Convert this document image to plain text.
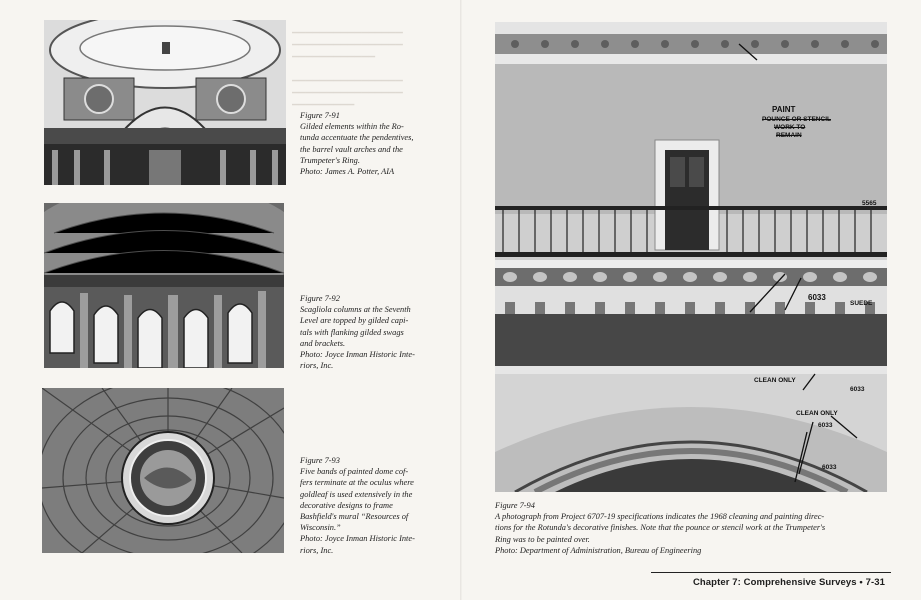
▁▁▁▁▁▁▁▁▁▁▁▁▁▁▁▁
▁▁▁▁▁▁▁▁▁▁▁▁▁▁▁▁
▁▁▁▁▁▁▁▁▁▁▁▁

▁▁▁▁▁▁▁▁▁▁▁▁▁▁▁▁
▁▁▁▁▁▁▁▁▁▁▁▁▁▁▁▁
▁▁▁▁▁▁▁▁▁
Figure 7-91
Gilded elements within the Ro-
tunda accentuate the pendentives,
the barrel vault arches and the
Trumpeter's Ring.
Photo: James A. Potter, AIA
Figure 7-92
Scagliola columns at the Seventh
Level are topped by gilded capi-
tals with flanking gilded swags
and brackets.
Photo: Joyce Inman Historic Inte-
riors, Inc.
Figure 7-93
Five bands of painted dome cof-
fers terminate at the oculus where
goldleaf is used extensively in the
decorative designs to frame
Bashfield's mural “Resources of
Wisconsin.”
Photo: Joyce Inman Historic Inte-
riors, Inc.
PAINT
POUNCE OR STENCIL
WORK TO
REMAIN
5565
6033
SUEDE
CLEAN ONLY
6033
CLEAN ONLY
6033
6033
Figure 7-94
A photograph from Project 6707-19 specifications indicates the 1968 cleaning and painting direc-
tions for the Rotunda's decorative finishes. Note that the pounce or stencil work at the Trumpeter's
Ring was to be painted over.
Photo: Department of Administration, Bureau of Engineering
Chapter 7: Comprehensive Surveys • 7-31
